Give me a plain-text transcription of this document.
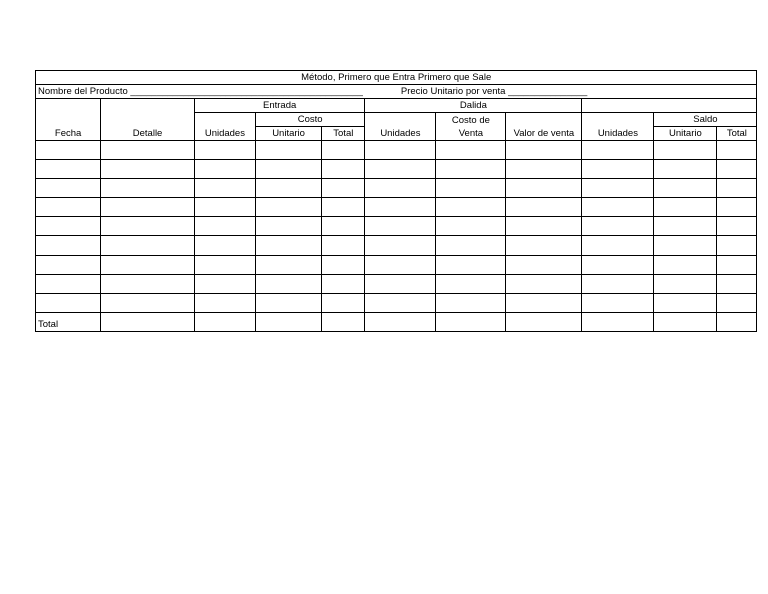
Método, Primero que Entra Primero que Sale										
Nombre del Producto ____________________________________________					Precio Unitario por venta _______________					
		Entrada			Dalida					
			Costo			Costo de			Saldo	
Fecha	Detalle	Unidades	Unitario	Total	Unidades	Venta	Valor de venta	Unidades	Unitario	Total

Total										
